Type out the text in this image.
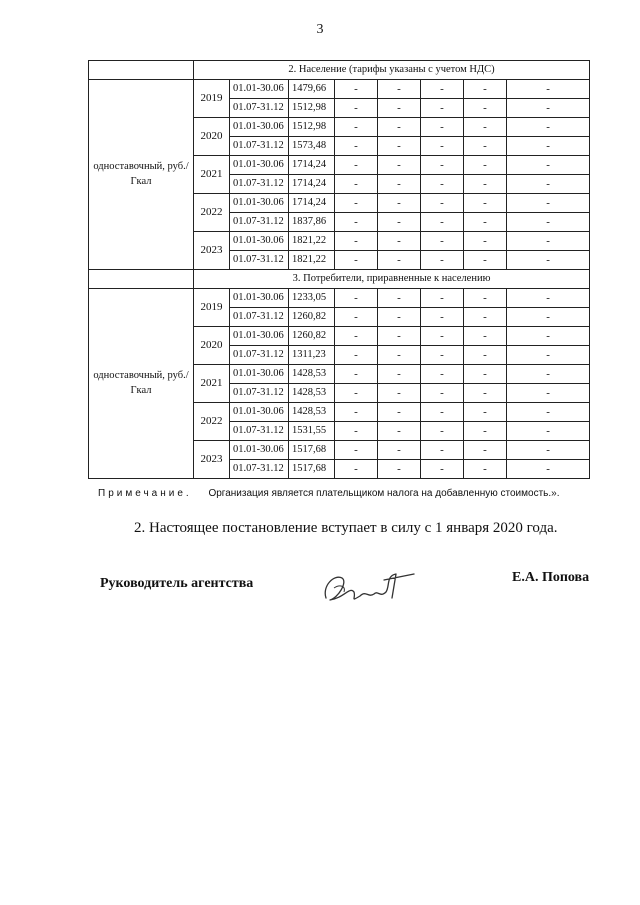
3
	2. Население (тарифы указаны с учетом НДС)							
одноставочный, руб./Гкал	2019	01.01-30.06	1479,66	-	-	-	-	-
		01.07-31.12	1512,98	-	-	-	-	-
	2020	01.01-30.06	1512,98	-	-	-	-	-
		01.07-31.12	1573,48	-	-	-	-	-
	2021	01.01-30.06	1714,24	-	-	-	-	-
		01.07-31.12	1714,24	-	-	-	-	-
	2022	01.01-30.06	1714,24	-	-	-	-	-
		01.07-31.12	1837,86	-	-	-	-	-
	2023	01.01-30.06	1821,22	-	-	-	-	-
		01.07-31.12	1821,22	-	-	-	-	-
	3. Потребители, приравненные к населению							
одноставочный, руб./Гкал	2019	01.01-30.06	1233,05	-	-	-	-	-
		01.07-31.12	1260,82	-	-	-	-	-
	2020	01.01-30.06	1260,82	-	-	-	-	-
		01.07-31.12	1311,23	-	-	-	-	-
	2021	01.01-30.06	1428,53	-	-	-	-	-
		01.07-31.12	1428,53	-	-	-	-	-
	2022	01.01-30.06	1428,53	-	-	-	-	-
		01.07-31.12	1531,55	-	-	-	-	-
	2023	01.01-30.06	1517,68	-	-	-	-	-
		01.07-31.12	1517,68	-	-	-	-	-
Примечание. Организация является плательщиком налога на добавленную стоимость.».
2. Настоящее постановление вступает в силу с 1 января 2020 года.
Руководитель агентства	Е.А. Попова
